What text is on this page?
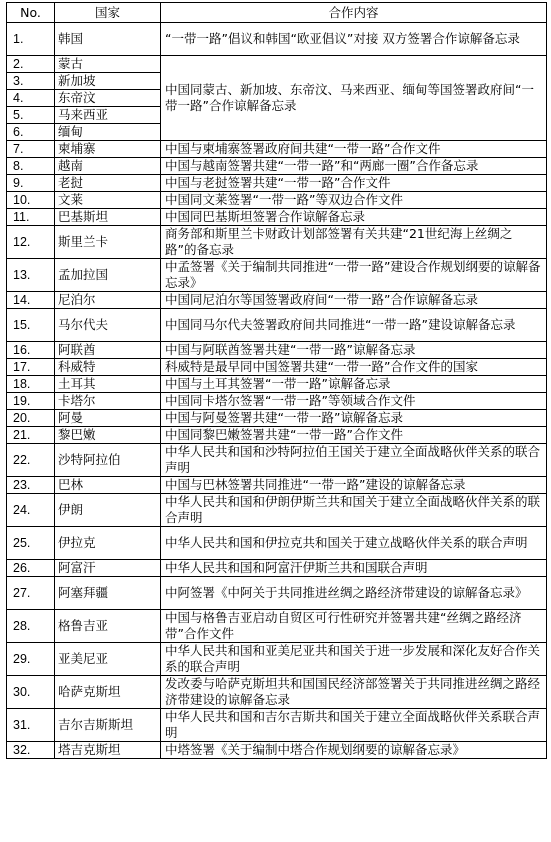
No.	国家	合作内容
1.	韩国	“一带一路”倡议和韩国“欧亚倡议”对接 双方签署合作谅解备忘录
2.	蒙古	中国同蒙古、新加坡、东帝汶、马来西亚、缅甸等国签署政府间“一带一路”合作谅解备忘录
3.	新加坡	
4.	东帝汶	
5.	马来西亚	
6.	缅甸	
7.	柬埔寨	中国与柬埔寨签署政府间共建“一带一路”合作文件
8.	越南	中国与越南签署共建“一带一路”和“两廊一圈”合作备忘录
9.	老挝	中国与老挝签署共建“一带一路”合作文件
10.	文莱	中国同文莱签署“一带一路”等双边合作文件
11.	巴基斯坦	中国同巴基斯坦签署合作谅解备忘录
12.	斯里兰卡	商务部和斯里兰卡财政计划部签署有关共建“21世纪海上丝绸之路”的备忘录
13.	孟加拉国	中孟签署《关于编制共同推进“一带一路”建设合作规划纲要的谅解备忘录》
14.	尼泊尔	中国同尼泊尔等国签署政府间“一带一路”合作谅解备忘录
15.	马尔代夫	中国同马尔代夫签署政府间共同推进“一带一路”建设谅解备忘录
16.	阿联酋	中国与阿联酋签署共建“一带一路”谅解备忘录
17.	科威特	科威特是最早同中国签署共建“一带一路”合作文件的国家
18.	土耳其	中国与土耳其签署“一带一路”谅解备忘录
19.	卡塔尔	中国同卡塔尔签署“一带一路”等领域合作文件
20.	阿曼	中国与阿曼签署共建“一带一路”谅解备忘录
21.	黎巴嫩	中国同黎巴嫩签署共建“一带一路”合作文件
22.	沙特阿拉伯	中华人民共和国和沙特阿拉伯王国关于建立全面战略伙伴关系的联合声明
23.	巴林	中国与巴林签署共同推进“一带一路”建设的谅解备忘录
24.	伊朗	中华人民共和国和伊朗伊斯兰共和国关于建立全面战略伙伴关系的联合声明
25.	伊拉克	中华人民共和国和伊拉克共和国关于建立战略伙伴关系的联合声明
26.	阿富汗	中华人民共和国和阿富汗伊斯兰共和国联合声明
27.	阿塞拜疆	中阿签署《中阿关于共同推进丝绸之路经济带建设的谅解备忘录》
28.	格鲁吉亚	中国与格鲁吉亚启动自贸区可行性研究并签署共建“丝绸之路经济带”合作文件
29.	亚美尼亚	中华人民共和国和亚美尼亚共和国关于进一步发展和深化友好合作关系的联合声明
30.	哈萨克斯坦	发改委与哈萨克斯坦共和国国民经济部签署关于共同推进丝绸之路经济带建设的谅解备忘录
31.	吉尔吉斯斯坦	中华人民共和国和吉尔吉斯共和国关于建立全面战略伙伴关系联合声明
32.	塔吉克斯坦	中塔签署《关于编制中塔合作规划纲要的谅解备忘录》
